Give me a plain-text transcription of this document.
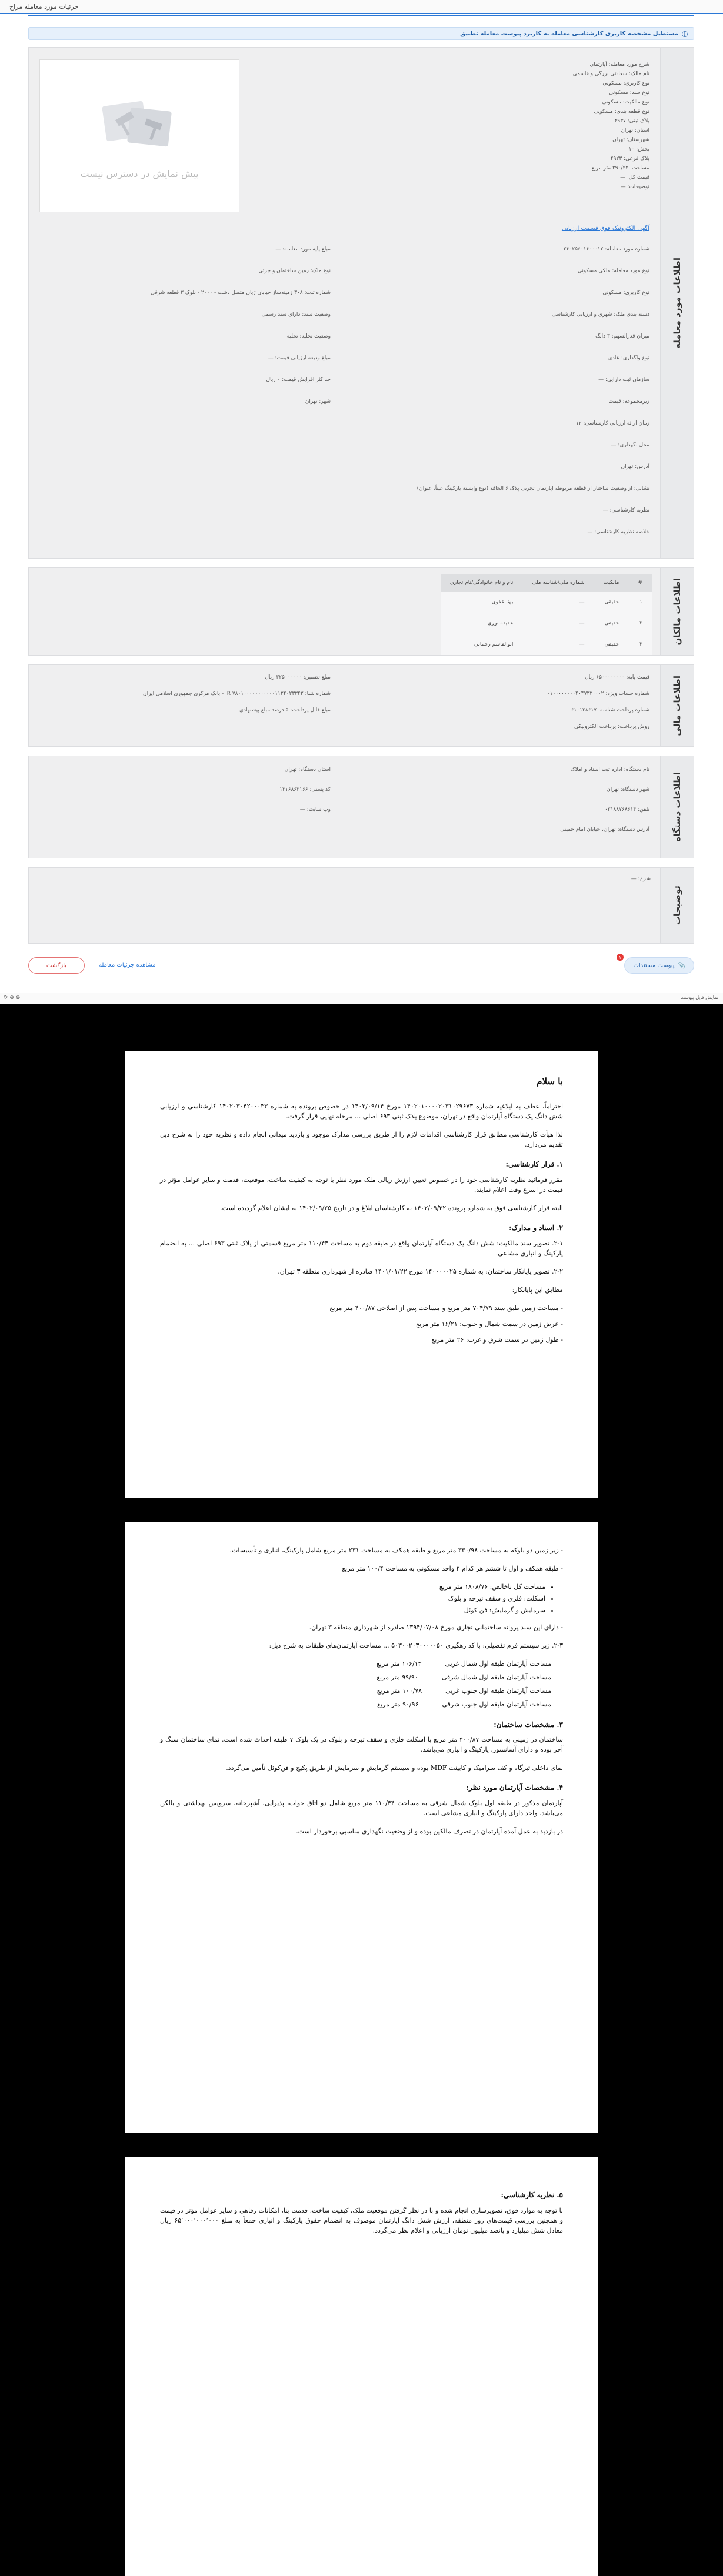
جزئیات مورد معامله مزاج
ⓘ
مستطیل مشخصه کاربری کارشناسی معامله به کاربرد پیوست معامله تطبیق
اطلاعات مورد معامله
شرح مورد معامله: آپارتمان
نام مالک: سعادتی بزرگی و قاسمی
نوع کاربری: مسکونی
نوع سند: مسکونی
نوع مالکیت: مسکونی
نوع قطعه بندی: مسکونی
پلاک ثبتی: ۴۹۳۷
استان: تهران
شهرستان: تهران
بخش: ۱۰
پلاک فرعی: ۴۹۲۳
مساحت: ۲۹۰/۲۲ متر مربع
قیمت کل: —
توضیحات: —
پیش نمایش در دسترس نیست
آگهی الکترونیک فوق قسمت ارزیابی
شماره مورد معامله: ۲۶۰۲۵۶۰۱۶۰۰۰۱۲
نوع مورد معامله: ملکی مسکونی
نوع کاربری: مسکونی
دسته بندی ملک: شهری و ارزیابی کارشناسی
میزان قدرالسهم: ۳ دانگ
نوع واگذاری: عادی
سازمان ثبت دارایی: —
زیرمجموعه: قیمت
زمان ارائه ارزیابی کارشناسی: ۱۲
محل نگهداری: —
آدرس: تهران
نشانی: از وضعیت ساختار از قطعه مربوطه اپارتمان تجربی پلاک ۶ الحاقه (نوع وابسته یارکینگ عیناً، عنوان)
نظریه کارشناسی: —
خلاصه نظریه کارشناسی: —
مبلغ پایه مورد معامله: —
نوع ملک: زمین ساختمان و جزئی
شماره ثبت: ۳۰۸ زمینه‌ساز خیابان ژیان متصل دشت - ۲۰۰۰ - بلوک ۳ قطعه شرقی
وضعیت سند: دارای سند رسمی
وضعیت تخلیه: تخلیه
مبلغ ودیعه ارزیابی قیمت: —
حداکثر افزایش قیمت: ۰ ریال
شهر: تهران
اطلاعات مالکان
#	مالکیت	شماره ملی/شناسه ملی	نام و نام خانوادگی/نام تجاری
۱	حقیقی	—	بهنا عفوی
۲	حقیقی	—	عفیفه نوری
۳	حقیقی	—	ابوالقاسم رحمانی
اطلاعات مالی
قیمت پایه: ۶۵۰۰۰۰۰۰۰۰ ریال
مبلغ تضمین: ۳۲۵۰۰۰۰۰۰ ریال
شماره حساب ویژه: ۰۱۰۰۰۰۰۰۰۰۴۰۴۷۳۳۰۰۰۲
شماره شبا: IR ۷۸۰۱۰۰۰۰۰۰۰۰۰۰۰۱۱۲۴۰۲۳۳۴۲ - بانک مرکزی جمهوری اسلامی ایران
شماره پرداخت شناسه: ۶۱۰۱۲۸۶۱۷
مبلغ قابل پرداخت: ۵ درصد مبلغ پیشنهادی
روش پرداخت: پرداخت الکترونیکی
اطلاعات دستگاه
نام دستگاه: اداره ثبت اسناد و املاک
استان دستگاه: تهران
شهر دستگاه: تهران
کد پستی: ۱۳۱۶۸۶۳۱۶۶
تلفن: ۰۲۱۸۸۷۶۸۶۱۴
وب سایت: —
آدرس دستگاه: تهران، خیابان امام خمینی
توضیحات
شرح: —
📎
پیوست مستندات
۱
مشاهده جزئیات معامله
بازگشت
⊕ ⊖ ⟳	نمایش فایل پیوست
با سلام

احتراماً، عطف به ابلاغیه شماره ۱۴۰۲۰۱۰۰۰۰۲۰۳۱۰۲۹۶۷۳ مورخ ۱۴۰۲/۰۹/۱۴ در خصوص پرونده به شماره ۱۴۰۲۰۳۰۴۲۰۰۰۳۳ کارشناسی و ارزیابی شش دانگ یک دستگاه آپارتمان واقع در تهران، موضوع پلاک ثبتی ۶۹۳ اصلی ... مرحله نهایی قرار گرفت.

لذا هیأت کارشناسی مطابق قرار کارشناسی اقدامات لازم را از طریق بررسی مدارک موجود و بازدید میدانی انجام داده و نظریه خود را به شرح ذیل تقدیم می‌دارد.

۱. قرار کارشناسی:

مقرر فرمائید نظریه کارشناسی خود را در خصوص تعیین ارزش ریالی ملک مورد نظر با توجه به کیفیت ساخت، موقعیت، قدمت و سایر عوامل مؤثر در قیمت در اسرع وقت اعلام نمایند.

البته قرار کارشناسی فوق به شماره پرونده ۱۴۰۲/۰۹/۲۲ به کارشناسان ابلاغ و در تاریخ ۱۴۰۲/۰۹/۲۵ به ایشان اعلام گردیده است.

۲. اسناد و مدارک:

۲-۱. تصویر سند مالکیت: شش دانگ یک دستگاه آپارتمان واقع در طبقه دوم به مساحت ۱۱۰/۴۴ متر مربع قسمتی از پلاک ثبتی ۶۹۳ اصلی ... به انضمام پارکینگ و انباری مشاعی.

۲-۲. تصویر پایانکار ساختمان: به شماره ۱۴۰۰۰۰۰۲۵ مورخ ۱۴۰۱/۰۱/۲۲ صادره از شهرداری منطقه ۳ تهران.

مطابق این پایانکار:

- مساحت زمین طبق سند ۷۰۴/۷۹ متر مربع و مساحت پس از اصلاحی ۴۰۰/۸۷ متر مربع
- عرض زمین در سمت شمال و جنوب: ۱۶/۲۱ متر مربع
- طول زمین در سمت شرق و غرب: ۲۶ متر مربع

- زیر زمین دو بلوکه به مساحت ۳۳۰/۹۸ متر مربع و طبقه همکف به مساحت ۲۳۱ متر مربع شامل پارکینگ، انباری و تأسیسات.

- طبقه همکف و اول تا ششم هر کدام ۲ واحد مسکونی به مساحت ۱۰۰/۴ متر مربع

• مساحت کل ناخالص: ۱۸۰۸/۷۶ متر مربع
• اسکلت: فلزی و سقف تیرچه و بلوک
• سرمایش و گرمایش: فن کوئل

- دارای این سند پروانه ساختمانی تجاری مورخ ۱۳۹۴/۰۷/۰۸ صادره از شهرداری منطقه ۳ تهران.

۲-۳. زیر سیستم فرم تفصیلی: با کد رهگیری ۵۰۳۰۰۲۰۳۰۰۰۰۰۵۰ ... مساحت آپارتمان‌های طبقات به شرح ذیل:

مساحت آپارتمان طبقه اول شمال غربی
۱۰۶/۱۳ متر مربع
مساحت آپارتمان طبقه اول شمال شرقی
۹۹/۹۰ متر مربع
مساحت آپارتمان طبقه اول جنوب غربی
۱۰۰/۷۸ متر مربع
مساحت آپارتمان طبقه اول جنوب شرقی
۹۰/۹۶ متر مربع
۳. مشخصات ساختمان:

ساختمان در زمینی به مساحت ۴۰۰/۸۷ متر مربع با اسکلت فلزی و سقف تیرچه و بلوک در یک بلوک ۷ طبقه احداث شده است. نمای ساختمان سنگ و آجر بوده و دارای آسانسور، پارکینگ و انباری می‌باشد.

نمای داخلی تیرگاه و کف سرامیک و کابینت MDF بوده و سیستم گرمایش و سرمایش از طریق پکیج و فن‌کوئل تأمین می‌گردد.

۴. مشخصات آپارتمان مورد نظر:

آپارتمان مذکور در طبقه اول بلوک شمال شرقی به مساحت ۱۱۰/۴۴ متر مربع شامل دو اتاق خواب، پذیرایی، آشپزخانه، سرویس بهداشتی و بالکن می‌باشد. واحد دارای پارکینگ و انباری مشاعی است.

در بازدید به عمل آمده آپارتمان در تصرف مالکین بوده و از وضعیت نگهداری مناسبی برخوردار است.

۵. نظریه کارشناسی:

با توجه به موارد فوق، تصویرسازی انجام شده و با در نظر گرفتن موقعیت ملک، کیفیت ساخت، قدمت بنا، امکانات رفاهی و سایر عوامل مؤثر در قیمت و همچنین بررسی قیمت‌های روز منطقه، ارزش شش دانگ آپارتمان موصوف به انضمام حقوق پارکینگ و انباری جمعاً به مبلغ ۶۵٬۰۰۰٬۰۰۰٬۰۰۰ ریال معادل شش میلیارد و پانصد میلیون تومان ارزیابی و اعلام نظر می‌گردد.
